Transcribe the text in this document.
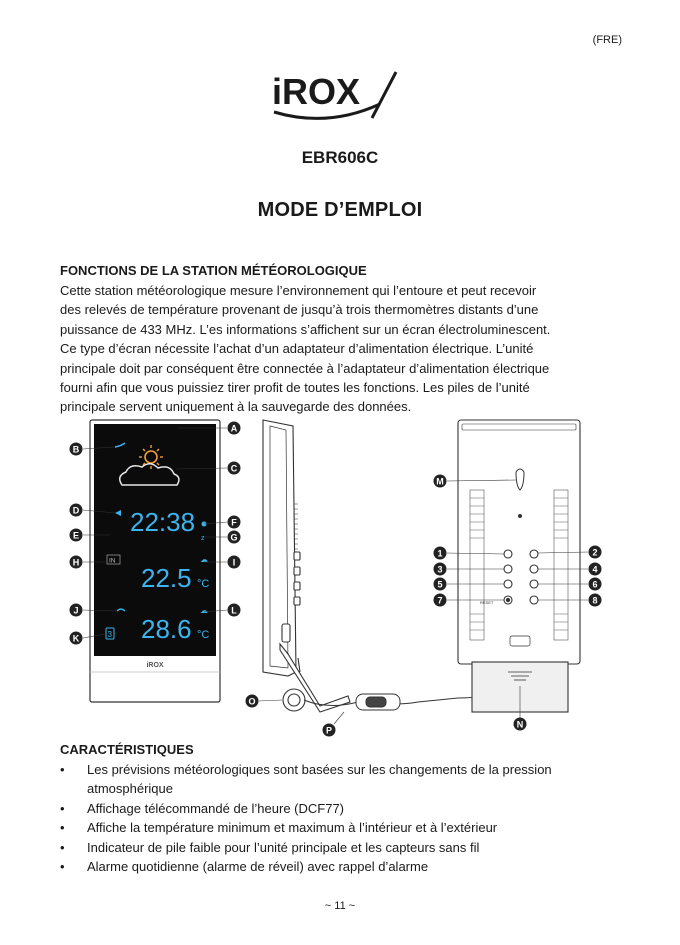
(FRE)
iROX
EBR606C
MODE D’EMPLOI
FONCTIONS DE LA STATION MÉTÉOROLOGIQUE

Cette station météorologique mesure l’environnement qui l’entoure et peut recevoir
des relevés de température provenant de jusqu’à trois thermomètres distants d’une
puissance de 433 MHz. L’es informations s’affichent sur un écran électroluminescent.
Ce type d’écran nécessite l’achat d’un adaptateur d’alimentation électrique. L’unité
principale doit par conséquent être connectée à l’adaptateur d’alimentation électrique
fourni afin que vous puissiez tirer profit de toutes les fonctions. Les piles de l’unité
principale servent uniquement à la sauvegarde des données.

iROX
22:38
z
IN
22.5 °C
☁
28.6 °C
☁
3
RESET
A
B
C
D
E
F
G
H	I
J
K
L
M
N
O
P
1
3
5
7
2
4
6
8
CARACTÉRISTIQUES
• Les prévisions météorologiques sont basées sur les changements de la pression
atmosphérique
• Affichage télécommandé de l’heure (DCF77)
• Affiche la température minimum et maximum à l’intérieur et à l’extérieur
• Indicateur de pile faible pour l’unité principale et les capteurs sans fil
• Alarme quotidienne (alarme de réveil) avec rappel d’alarme
~ 11 ~
